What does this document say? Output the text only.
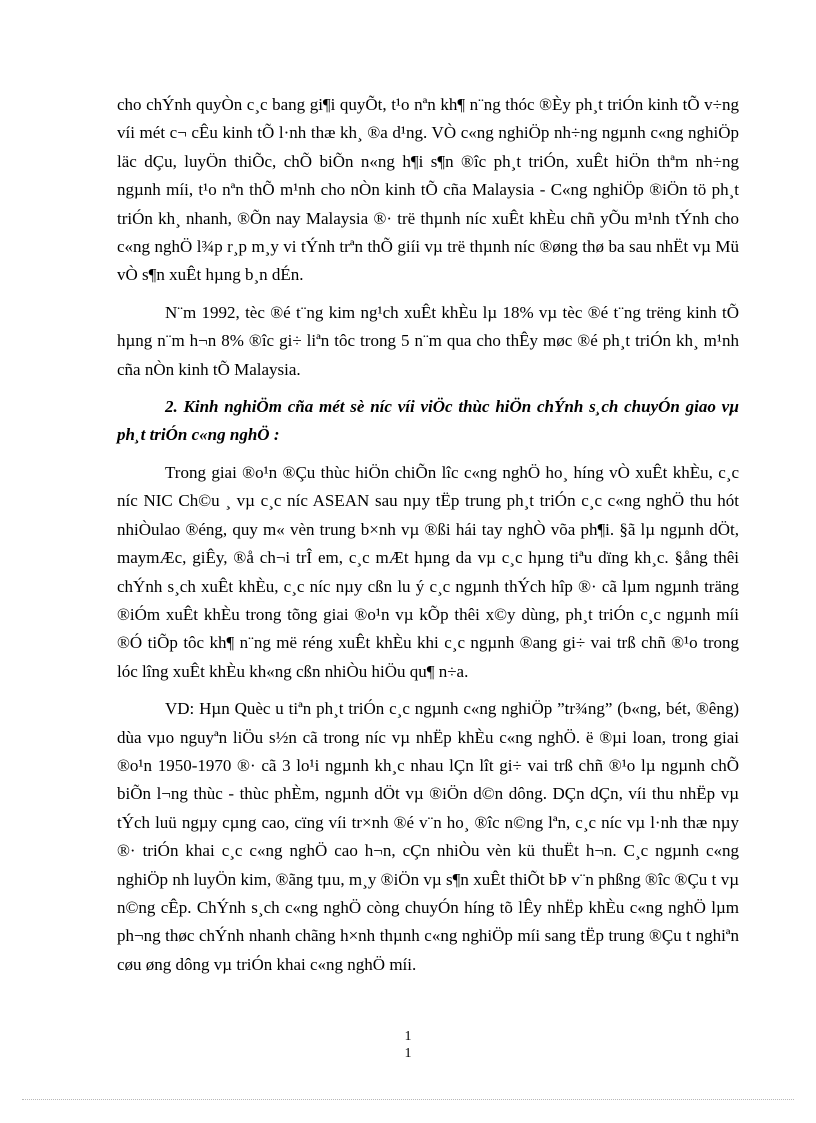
cho chÝnh quyÒn c¸c bang gi¶i quyÕt, t¹o nªn kh¶ n¨ng thóc ®Èy ph¸t triÓn kinh tÕ v÷ng víi mét c¬ cÊu kinh tÕ l·nh thæ kh¸ ®a d¹ng. VÒ c«ng nghiÖp nh÷ng ngµnh c«ng nghiÖp läc dÇu, luyÖn thiÕc, chÕ biÕn n«ng h¶i s¶n ®îc ph¸t triÓn, xuÊt hiÖn thªm nh÷ng ngµnh míi, t¹o nªn thÕ m¹nh cho nÒn kinh tÕ cña Malaysia - C«ng nghiÖp ®iÖn tö ph¸t triÓn kh¸ nhanh, ®Õn nay Malaysia ®· trë thµnh níc xuÊt khÈu chñ yÕu m¹nh tÝnh cho c«ng nghÖ l¾p r¸p m¸y vi tÝnh trªn thÕ giíi vµ trë thµnh níc ®øng thø ba sau nhËt vµ Mü vÒ s¶n xuÊt hµng b¸n dÉn.

N¨m 1992, tèc ®é t¨ng kim ng¹ch xuÊt khÈu lµ 18% vµ tèc ®é t¨ng trëng kinh tÕ hµng n¨m h¬n 8% ®îc gi÷ liªn tôc trong 5 n¨m qua cho thÊy møc ®é ph¸t triÓn kh¸ m¹nh cña nÒn kinh tÕ Malaysia.

2. Kinh nghiÖm cña mét sè níc víi viÖc thùc hiÖn chÝnh s¸ch chuyÓn giao vµ ph¸t triÓn c«ng nghÖ :

Trong giai ®o¹n ®Çu thùc hiÖn chiÕn lîc c«ng nghÖ ho¸ híng vÒ xuÊt khÈu, c¸c níc NIC Ch©u ¸ vµ c¸c níc ASEAN sau nµy tËp trung ph¸t triÓn c¸c c«ng nghÖ thu hót nhiÒulao ®éng, quy m« vèn trung b×nh vµ ®ßi hái tay nghÒ võa ph¶i. §ã lµ ngµnh dÖt, maymÆc, giÊy, ®å ch¬i trÎ em, c¸c mÆt hµng da vµ c¸c hµng tiªu dïng kh¸c. §ång thêi chÝnh s¸ch xuÊt khÈu, c¸c níc nµy cßn lu ý c¸c ngµnh thÝch hîp ®· cã lµm ngµnh träng ®iÓm xuÊt khÈu trong tõng giai ®o¹n vµ kÕp thêi x©y dùng, ph¸t triÓn c¸c ngµnh míi ®Ó tiÕp tôc kh¶ n¨ng më réng xuÊt khÈu khi c¸c ngµnh ®ang gi÷ vai trß chñ ®¹o trong lóc lîng xuÊt khÈu kh«ng cßn nhiÒu hiÖu qu¶ n÷a.

VD: Hµn Quèc u tiªn ph¸t triÓn c¸c ngµnh c«ng nghiÖp ”tr¾ng” (b«ng, bét, ®êng) dùa vµo nguyªn liÖu s½n cã trong níc vµ nhËp khÈu c«ng nghÖ. ë ®µi loan, trong giai ®o¹n 1950-1970 ®· cã 3 lo¹i ngµnh kh¸c nhau lÇn lît gi÷ vai trß chñ ®¹o lµ ngµnh chÕ biÕn l¬ng thùc - thùc phÈm, ngµnh dÖt vµ ®iÖn d©n dông. DÇn dÇn, víi thu nhËp vµ tÝch luü ngµy cµng cao, cïng víi tr×nh ®é v¨n ho¸ ®îc n©ng lªn, c¸c níc vµ l·nh thæ nµy ®· triÓn khai c¸c c«ng nghÖ cao h¬n, cÇn nhiÒu vèn kü thuËt h¬n. C¸c ngµnh c«ng nghiÖp nh luyÖn kim, ®ãng tµu, m¸y ®iÖn vµ s¶n xuÊt thiÕt bÞ v¨n phßng ®îc ®Çu t vµ n©ng cÊp. ChÝnh s¸ch c«ng nghÖ còng chuyÓn híng tõ lÊy nhËp khÈu c«ng nghÖ lµm ph¬ng thøc chÝnh nhanh chãng h×nh thµnh c«ng nghiÖp míi sang tËp trung ®Çu t nghiªn cøu øng dông vµ triÓn khai c«ng nghÖ míi.

1
1
